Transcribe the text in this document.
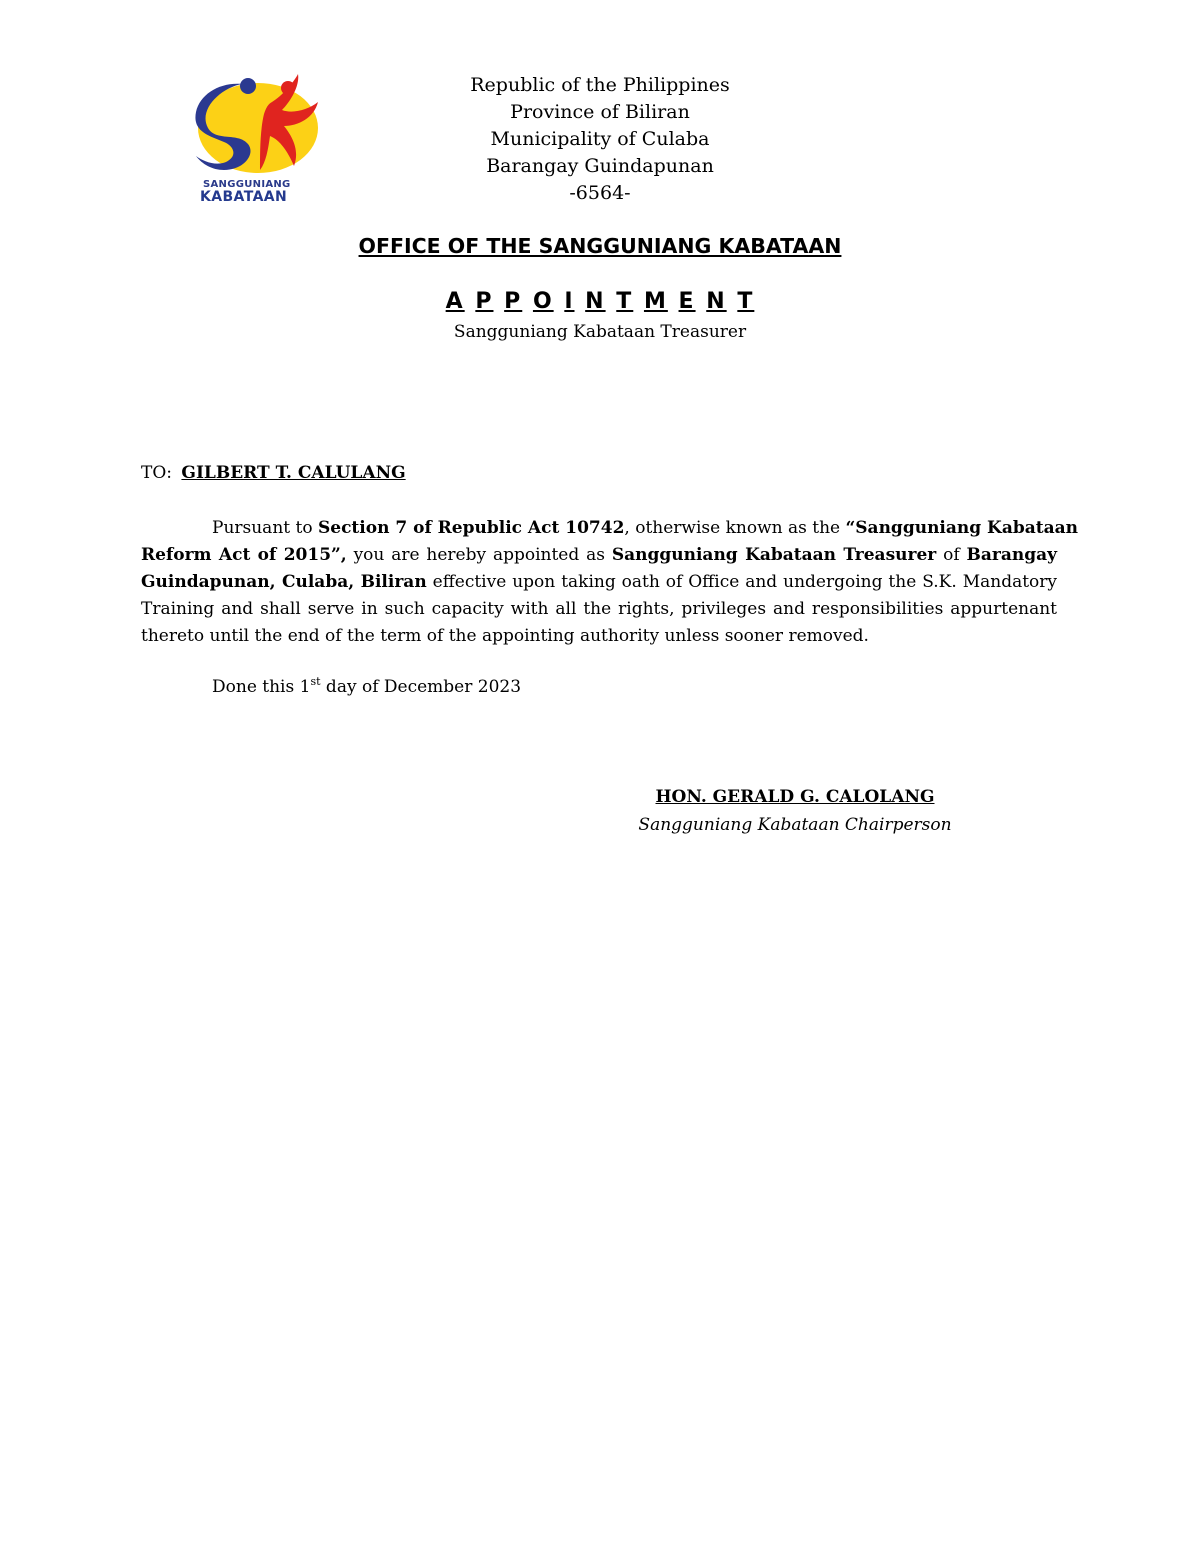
SANGGUNIANG
KABATAAN
Republic of the Philippines
Province of Biliran
Municipality of Culaba
Barangay Guindapunan
-6564-
OFFICE OF THE SANGGUNIANG KABATAAN
A P P O I N T M E N T
Sangguniang Kabataan Treasurer
TO: GILBERT T. CALULANG
Pursuant to Section 7 of Republic Act 10742, otherwise known as the “Sangguniang Kabataan
Reform Act of 2015”, you are hereby appointed as Sangguniang Kabataan Treasurer of Barangay
Guindapunan, Culaba, Biliran effective upon taking oath of Office and undergoing the S.K. Mandatory
Training and shall serve in such capacity with all the rights, privileges and responsibilities appurtenant
thereto until the end of the term of the appointing authority unless sooner removed.
Done this 1st day of December 2023
HON. GERALD G. CALOLANG
Sangguniang Kabataan Chairperson
